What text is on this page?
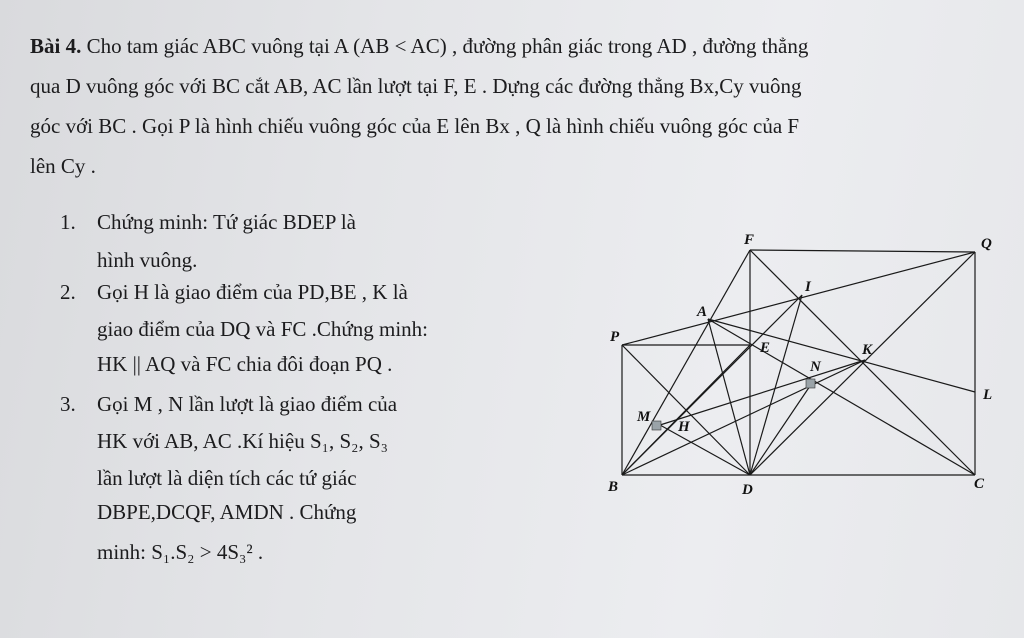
Bài 4. Cho tam giác ABC vuông tại A (AB < AC) , đường phân giác trong AD , đường thẳng
qua D vuông góc với BC cắt AB, AC lần lượt tại F, E . Dựng các đường thẳng Bx,Cy vuông
góc với BC . Gọi P là hình chiếu vuông góc của E lên Bx , Q là hình chiếu vuông góc của F
lên Cy .
1. Chứng minh: Tứ giác BDEP là
hình vuông.
2. Gọi H là giao điểm của PD,BE , K là
giao điểm của DQ và FC .Chứng minh:
HK || AQ và FC chia đôi đoạn PQ .
3. Gọi M , N lần lượt là giao điểm của
HK với AB, AC .Kí hiệu S₁, S₂, S₃
lần lượt là diện tích các tứ giác
DBPE,DCQF, AMDN . Chứng
minh: S₁.S₂ > 4S₃² .
F	Q
I
A
P
E	K
N
M
H
L
B	D	C
